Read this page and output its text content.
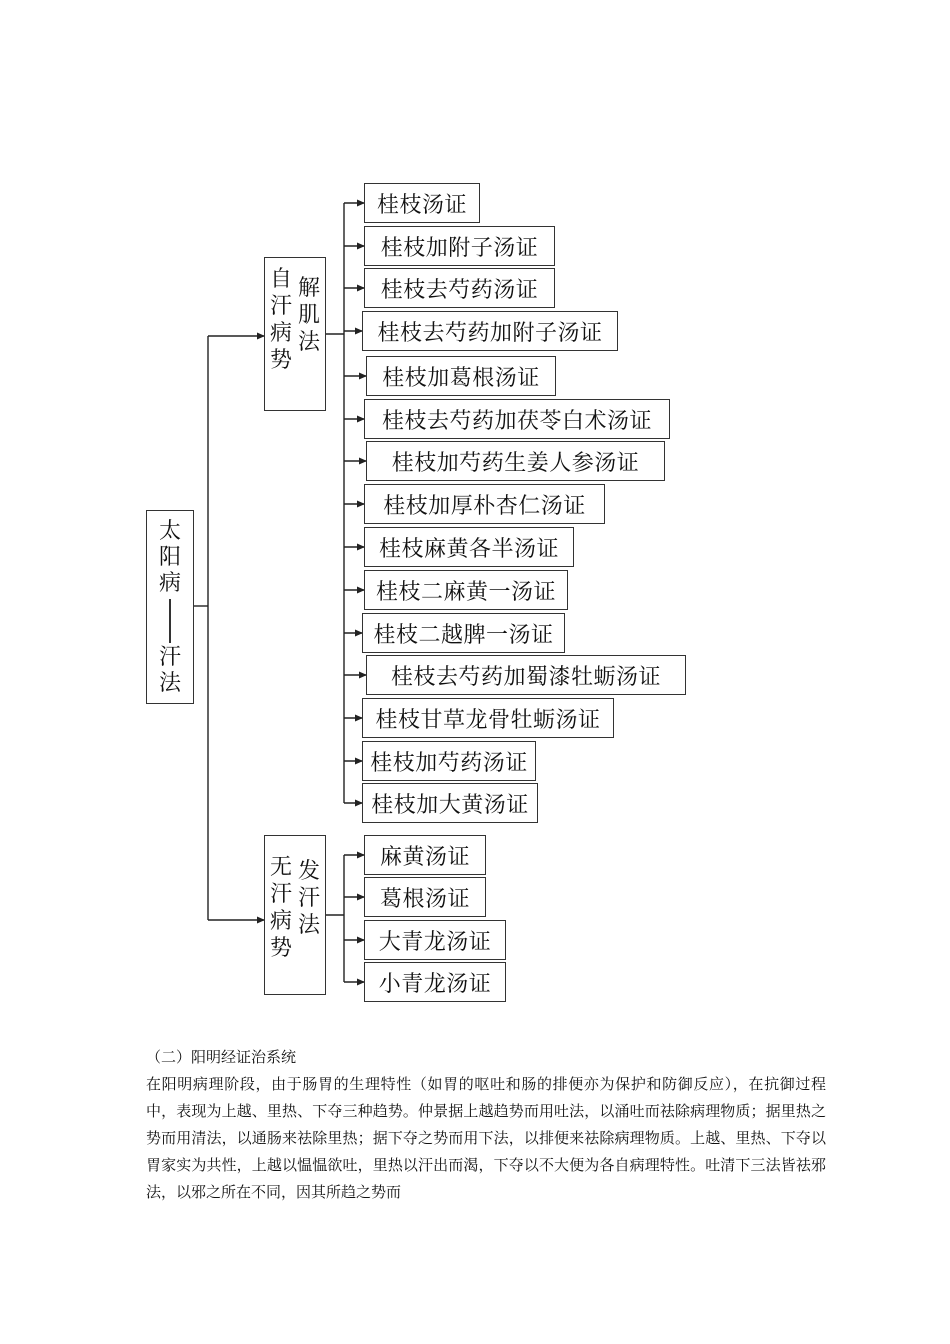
太
阳
病
汗
法
自汗病势
解肌法
无汗病势
发汗法
桂枝汤证
桂枝加附子汤证
桂枝去芍药汤证
桂枝去芍药加附子汤证
桂枝加葛根汤证
桂枝去芍药加茯苓白术汤证
桂枝加芍药生姜人参汤证
桂枝加厚朴杏仁汤证
桂枝麻黄各半汤证
桂枝二麻黄一汤证
桂枝二越脾一汤证
桂枝去芍药加蜀漆牡蛎汤证
桂枝甘草龙骨牡蛎汤证
桂枝加芍药汤证
桂枝加大黄汤证
麻黄汤证
葛根汤证
大青龙汤证
小青龙汤证

（二）阳明经证治系统

在阳明病理阶段，由于肠胃的生理特性（如胃的呕吐和肠的排便亦为保护和防御反应），在抗御过程中，表现为上越、里热、下夺三种趋势。仲景据上越趋势而用吐法，以涌吐而祛除病理物质；据里热之势而用清法，以通肠来祛除里热；据下夺之势而用下法，以排便来祛除病理物质。上越、里热、下夺以胃家实为共性，上越以愠愠欲吐，里热以汗出而渴，下夺以不大便为各自病理特性。吐清下三法皆祛邪法，以邪之所在不同，因其所趋之势而
